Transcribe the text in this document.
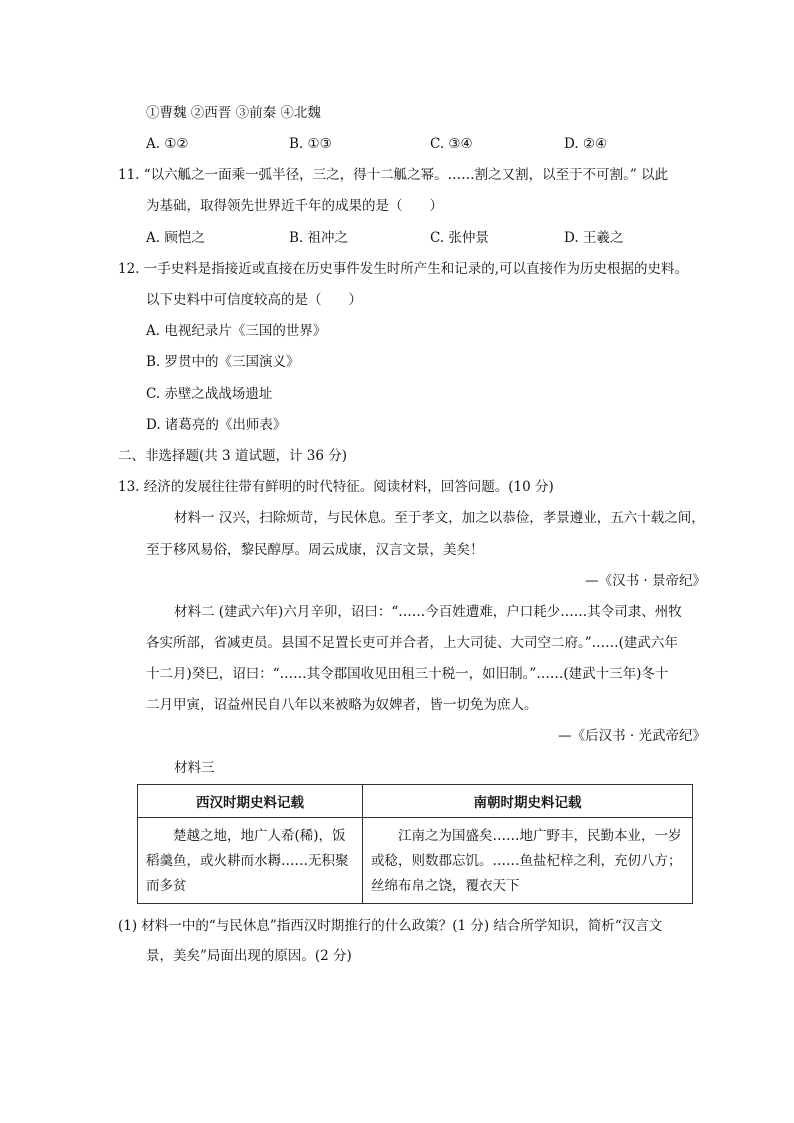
①曹魏 ②西晋 ③前秦 ④北魏
A. ①②	B. ①③	C. ③④	D. ②④
11. “以六觚之一面乘一弧半径，三之，得十二觚之幂。……割之又割，以至于不可割。” 以此
为基础，取得领先世界近千年的成果的是（　　）
A. 顾恺之	B. 祖冲之	C. 张仲景	D. 王羲之
12. 一手史料是指接近或直接在历史事件发生时所产生和记录的,可以直接作为历史根据的史料。
以下史料中可信度较高的是（　　）
A. 电视纪录片《三国的世界》
B. 罗贯中的《三国演义》
C. 赤壁之战战场遗址
D. 诸葛亮的《出师表》
二、非选择题(共 3 道试题，计 36 分)
13. 经济的发展往往带有鲜明的时代特征。阅读材料，回答问题。(10 分)
材料一 汉兴，扫除烦苛，与民休息。至于孝文，加之以恭俭，孝景遵业，五六十载之间，
至于移风易俗，黎民醇厚。周云成康，汉言文景，美矣！
—《汉书 · 景帝纪》
材料二 (建武六年)六月辛卯，诏曰：“……今百姓遭难，户口耗少……其令司隶、州牧
各实所部，省减吏员。县国不足置长吏可并合者，上大司徒、大司空二府。”……(建武六年
十二月)癸巳，诏曰：“……其令郡国收见田租三十税一，如旧制。”……(建武十三年)冬十
二月甲寅，诏益州民自八年以来被略为奴婢者，皆一切免为庶人。
—《后汉书 · 光武帝纪》
材料三
西汉时期史料记载	南朝时期史料记载
楚越之地，地广人希(稀)，饭稻羹鱼，或火耕而水耨……无积聚而多贫	江南之为国盛矣……地广野丰，民勤本业，一岁或稔，则数郡忘饥。……鱼盐杞梓之利，充仞八方；丝绵布帛之饶，覆衣天下
(1) 材料一中的“与民休息”指西汉时期推行的什么政策？(1 分) 结合所学知识，简析“汉言文
景，美矣”局面出现的原因。(2 分)
